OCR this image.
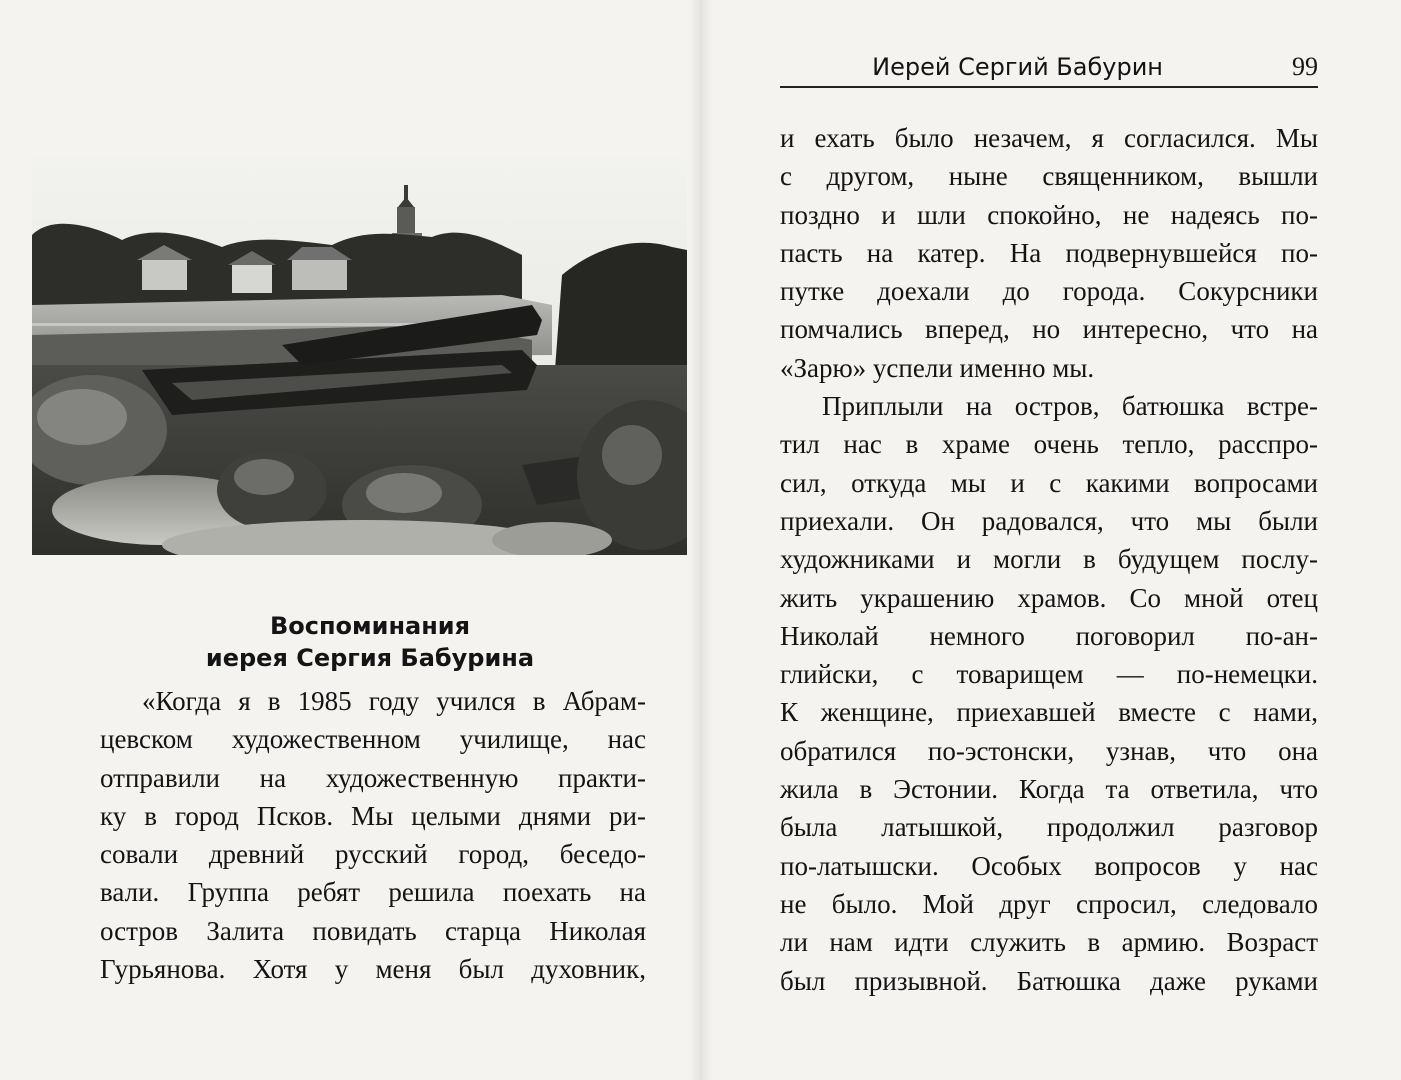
Воспоминания
иерея Сергия Бабурина
«Когда я в 1985 году учился в Абрам-
цевском художественном училище, нас
отправили на художественную практи-
ку в город Псков. Мы целыми днями ри-
совали древний русский город, беседо-
вали. Группа ребят решила поехать на
остров Залита повидать старца Николая
Гурьянова. Хотя у меня был духовник,
Иерей Сергий Бабурин	99
и ехать было незачем, я согласился. Мы
с другом, ныне священником, вышли
поздно и шли спокойно, не надеясь по-
пасть на катер. На подвернувшейся по-
путке доехали до города. Сокурсники
помчались вперед, но интересно, что на
«Зарю» успели именно мы.
Приплыли на остров, батюшка встре-
тил нас в храме очень тепло, расспро-
сил, откуда мы и с какими вопросами
приехали. Он радовался, что мы были
художниками и могли в будущем послу-
жить украшению храмов. Со мной отец
Николай немного поговорил по-ан-
глийски, с товарищем — по-немецки.
К женщине, приехавшей вместе с нами,
обратился по-эстонски, узнав, что она
жила в Эстонии. Когда та ответила, что
была латышкой, продолжил разговор
по-латышски. Особых вопросов у нас
не было. Мой друг спросил, следовало
ли нам идти служить в армию. Возраст
был призывной. Батюшка даже руками
